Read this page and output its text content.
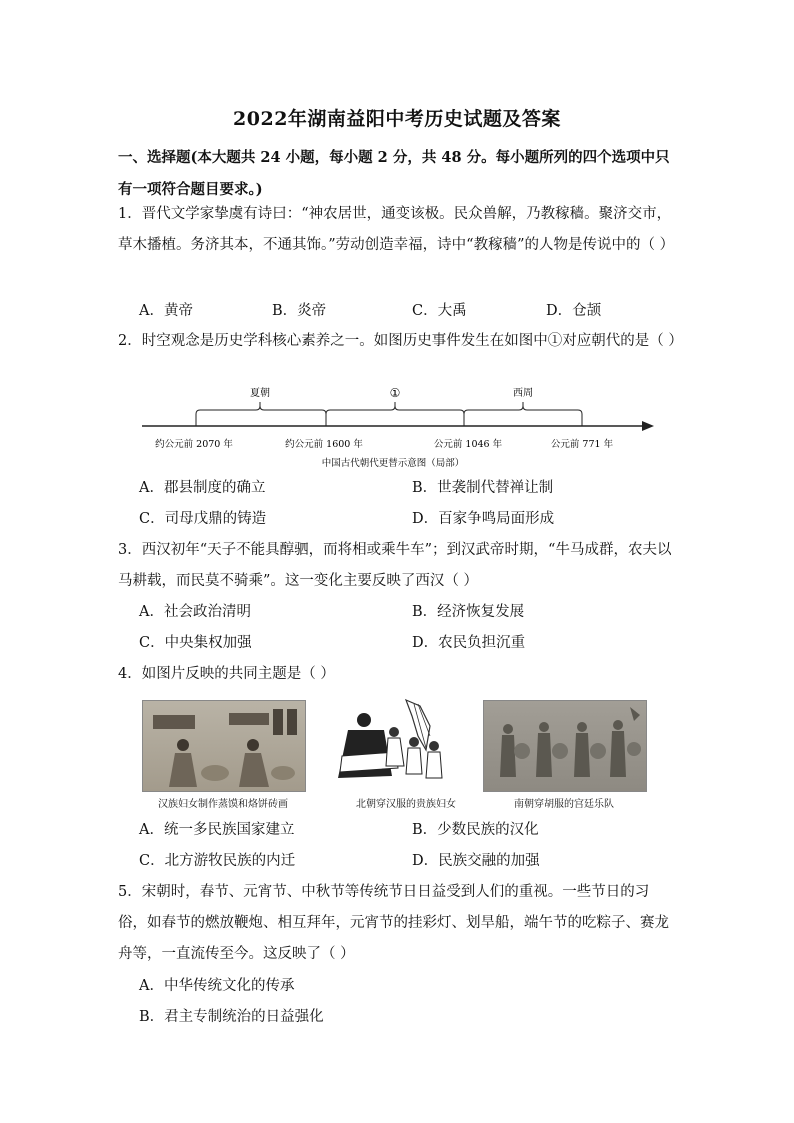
2022年湖南益阳中考历史试题及答案
一、选择题(本大题共 24 小题，每小题 2 分，共 48 分。每小题所列的四个选项中只有一项符合题目要求。)
1．晋代文学家挚虞有诗曰：“神农居世，通变该极。民众兽解，乃教稼穑。聚济交市，草木播植。务济其本，不通其饰。”劳动创造幸福，诗中“教稼穑”的人物是传说中的（ ）
A．黄帝	B．炎帝	C．大禹	D．仓颉
2．时空观念是历史学科核心素养之一。如图历史事件发生在如图中①对应朝代的是（ ）
夏朝	①	西周
约公元前 2070 年	约公元前 1600 年	公元前 1046 年	公元前 771 年
中国古代朝代更替示意图（局部）
A．郡县制度的确立	B．世袭制代替禅让制
C．司母戊鼎的铸造	D．百家争鸣局面形成
3．西汉初年“天子不能具醇驷，而将相或乘牛车”；到汉武帝时期，“牛马成群，农夫以马耕载，而民莫不骑乘”。这一变化主要反映了西汉（ ）
A．社会政治清明	B．经济恢复发展
C．中央集权加强	D．农民负担沉重
4．如图片反映的共同主题是（ ）
汉族妇女制作蒸馍和烙饼砖画	北朝穿汉服的贵族妇女	南朝穿胡服的宫廷乐队
A．统一多民族国家建立	B．少数民族的汉化
C．北方游牧民族的内迁	D．民族交融的加强
5．宋朝时，春节、元宵节、中秋节等传统节日日益受到人们的重视。一些节日的习俗，如春节的燃放鞭炮、相互拜年，元宵节的挂彩灯、划旱船，端午节的吃粽子、赛龙舟等，一直流传至今。这反映了（ ）
A．中华传统文化的传承
B．君主专制统治的日益强化
